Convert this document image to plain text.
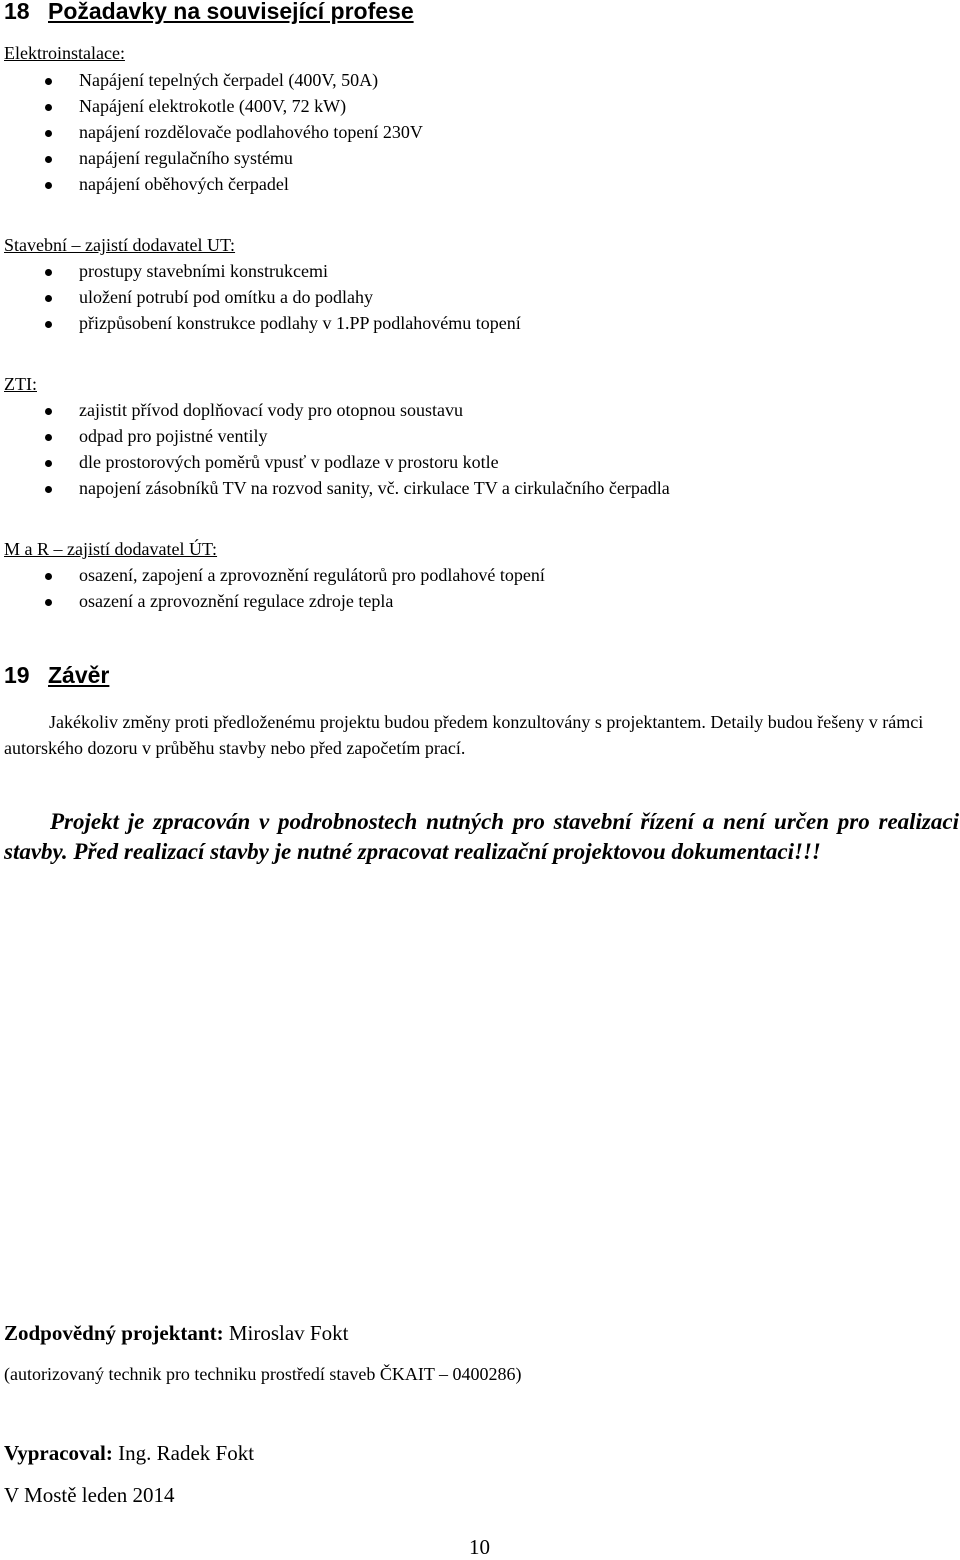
18 Požadavky na související profese
Elektroinstalace:
Napájení tepelných čerpadel (400V, 50A)
Napájení elektrokotle (400V, 72 kW)
napájení rozdělovače podlahového topení 230V
napájení regulačního systému
napájení oběhových čerpadel
Stavební – zajistí dodavatel UT:
prostupy stavebními konstrukcemi
uložení potrubí pod omítku a do podlahy
přizpůsobení konstrukce podlahy v 1.PP podlahovému topení
ZTI:
zajistit přívod doplňovací vody pro otopnou soustavu
odpad pro pojistné ventily
dle prostorových poměrů vpusť v podlaze v prostoru kotle
napojení zásobníků TV na rozvod sanity, vč. cirkulace TV a cirkulačního čerpadla
M a R – zajistí dodavatel ÚT:
osazení, zapojení a zprovoznění regulátorů pro podlahové topení
osazení a zprovoznění regulace zdroje tepla
19 Závěr
Jakékoliv změny proti předloženému projektu budou předem konzultovány s projektantem. Detaily budou řešeny v rámci autorského dozoru v průběhu stavby nebo před započetím prací.
Projekt je zpracován v podrobnostech nutných pro stavební řízení a není určen pro realizaci stavby. Před realizací stavby je nutné zpracovat realizační projektovou dokumentaci!!!
Zodpovědný projektant: Miroslav Fokt
(autorizovaný technik pro techniku prostředí staveb ČKAIT – 0400286)
Vypracoval: Ing. Radek Fokt
V Mostě leden 2014
10
